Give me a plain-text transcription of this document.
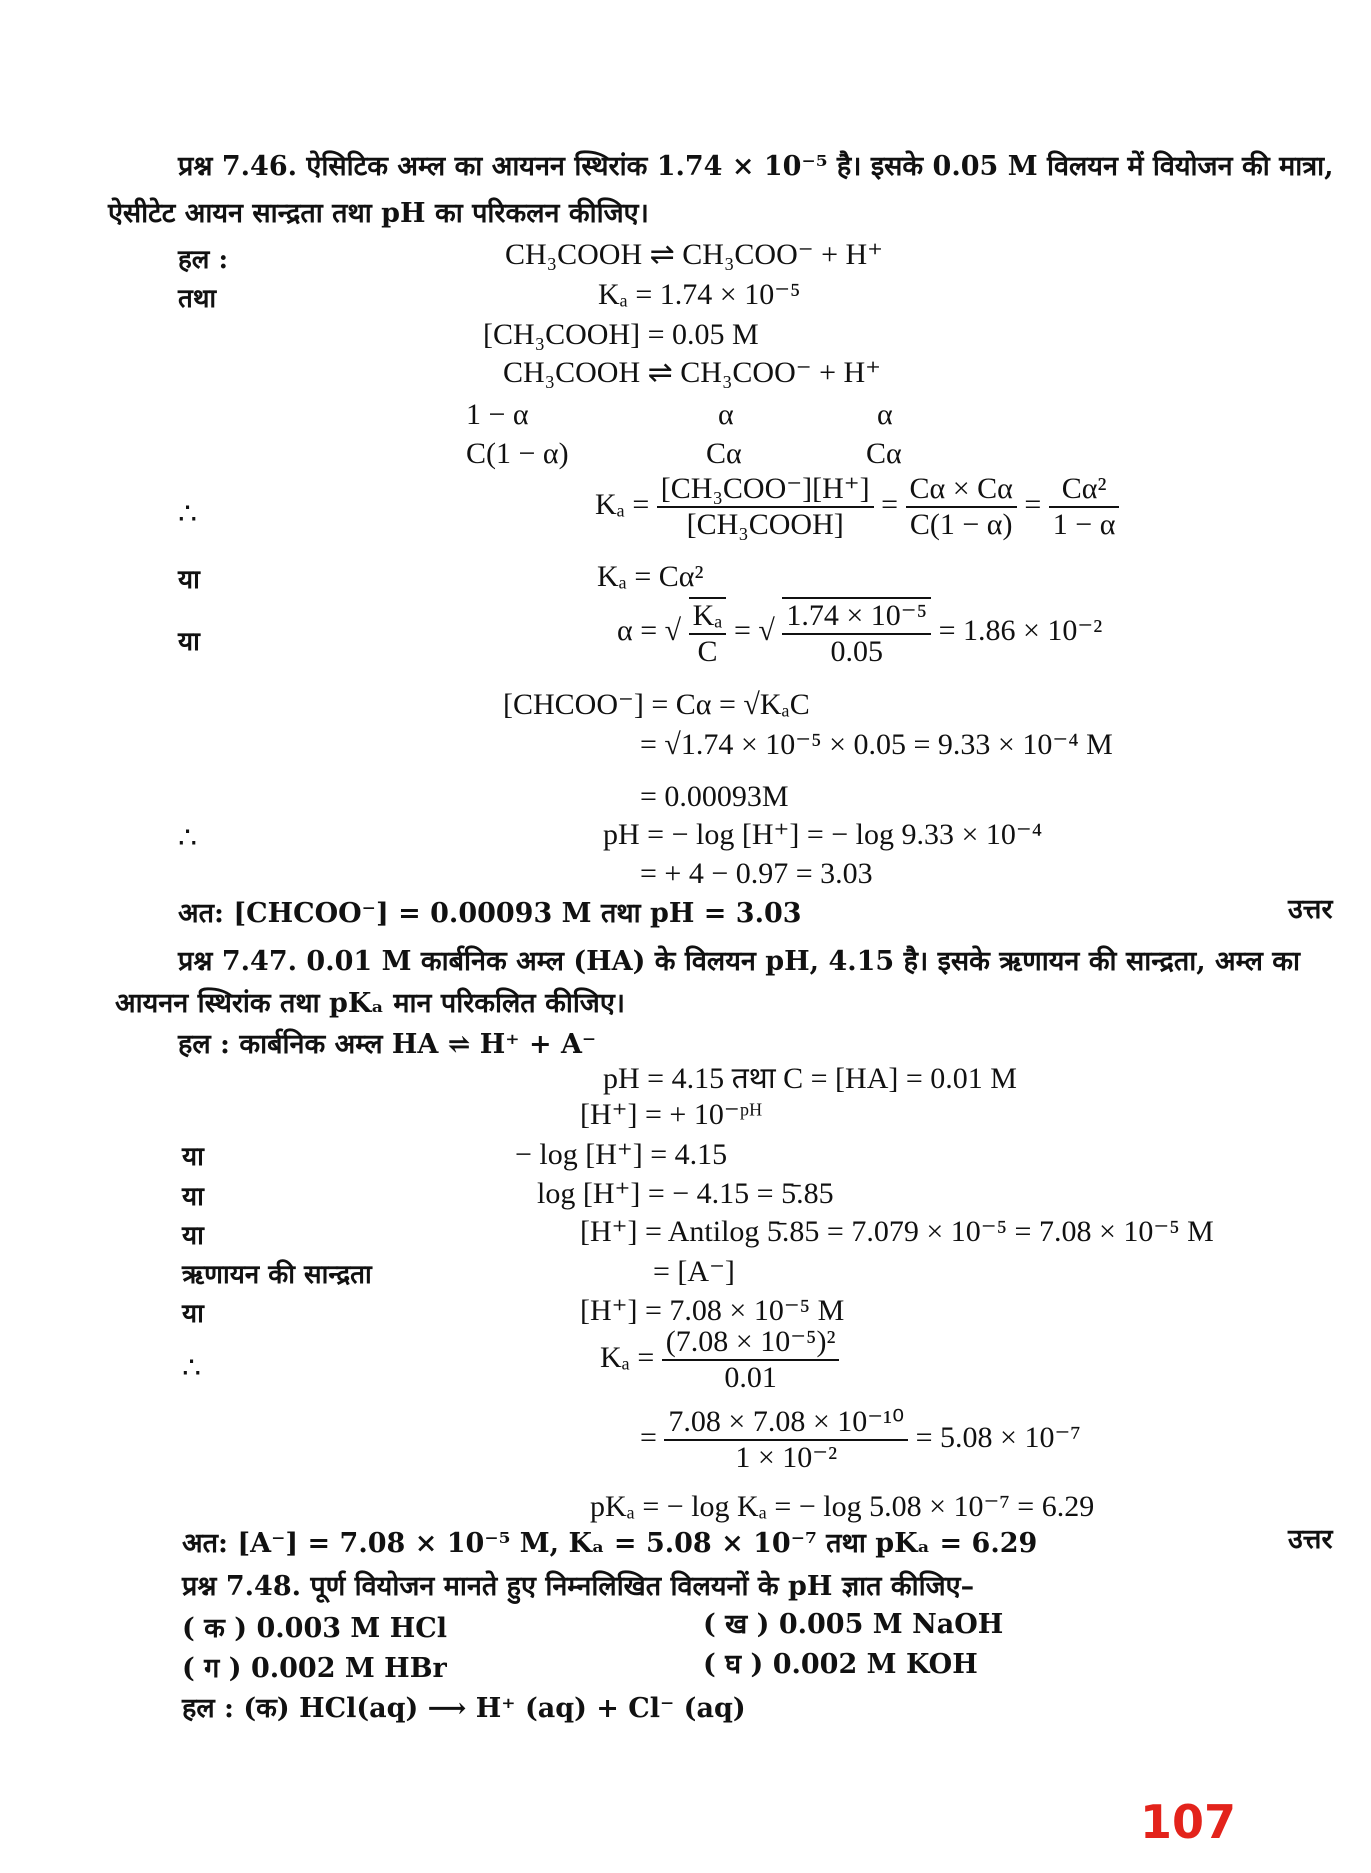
प्रश्न 7.46. ऐसिटिक अम्ल का आयनन स्थिरांक 1.74 × 10⁻⁵ है। इसके 0.05 M विलयन में वियोजन की मात्रा,
ऐसीटेट आयन सान्द्रता तथा pH का परिकलन कीजिए।
हल :	CH₃COOH ⇌ CH₃COO⁻ + H⁺
तथा	Kₐ = 1.74 × 10⁻⁵
[CH₃COOH] = 0.05 M
CH₃COOH ⇌ CH₃COO⁻ + H⁺
1 − α	α	α
C(1 − α)	Cα	Cα
∴	$K_a = \frac{\text{[CH₃COO⁻][H⁺]}}{\text{[CH₃COOH]}} = \frac{C\alpha \times C\alpha}{C(1 - \alpha)} = \frac{\text{Cα²}}{1 - \alpha}$
या	Kₐ = Cα²
या	α = √ $\frac{\text{Kₐ}}{C}$ = √ $\frac{\text{1.74 × 10⁻⁵}}{0.05} = 1.86 \times 10^{-2}$
[CHCOO⁻] = Cα = √KₐC
= √1.74 × 10⁻⁵ × 0.05 = 9.33 × 10⁻⁴ M
= 0.00093M
∴	pH = − log [H⁺] = − log 9.33 × 10⁻⁴
= + 4 − 0.97 = 3.03
अत: [CHCOO⁻] = 0.00093 M तथा pH = 3.03	उत्तर
प्रश्न 7.47. 0.01 M कार्बनिक अम्ल (HA) के विलयन pH, 4.15 है। इसके ऋणायन की सान्द्रता, अम्ल का
आयनन स्थिरांक तथा pKₐ मान परिकलित कीजिए।
हल : कार्बनिक अम्ल HA ⇌ H⁺ + A⁻
pH = 4.15 तथा C = [HA] = 0.01 M
[H⁺] = + 10⁻ᵖᴴ
या	− log [H⁺] = 4.15
या	log [H⁺] = − 4.15 = 5̄.85
या	[H⁺] = Antilog 5̄.85 = 7.079 × 10⁻⁵ = 7.08 × 10⁻⁵ M
ऋणायन की सान्द्रता	= [A⁻]
या	[H⁺] = 7.08 × 10⁻⁵ M
∴	$K_a = \frac{\text{(7.08 × 10⁻⁵)²}}{0.01}$
= $\frac{\text{7.08 × 7.08 × 10⁻¹⁰}}{\text{1 × 10⁻²}} = 5.08 \times 10^{-7}$
pKₐ = − log Kₐ = − log 5.08 × 10⁻⁷ = 6.29
अत: [A⁻] = 7.08 × 10⁻⁵ M, Kₐ = 5.08 × 10⁻⁷ तथा pKₐ = 6.29	उत्तर
प्रश्न 7.48. पूर्ण वियोजन मानते हुए निम्नलिखित विलयनों के pH ज्ञात कीजिए–
( क ) 0.003 M HCl	( ख ) 0.005 M NaOH
( ग ) 0.002 M HBr	( घ ) 0.002 M KOH
हल : (क) HCl(aq) ⟶ H⁺ (aq) + Cl⁻ (aq)
107
